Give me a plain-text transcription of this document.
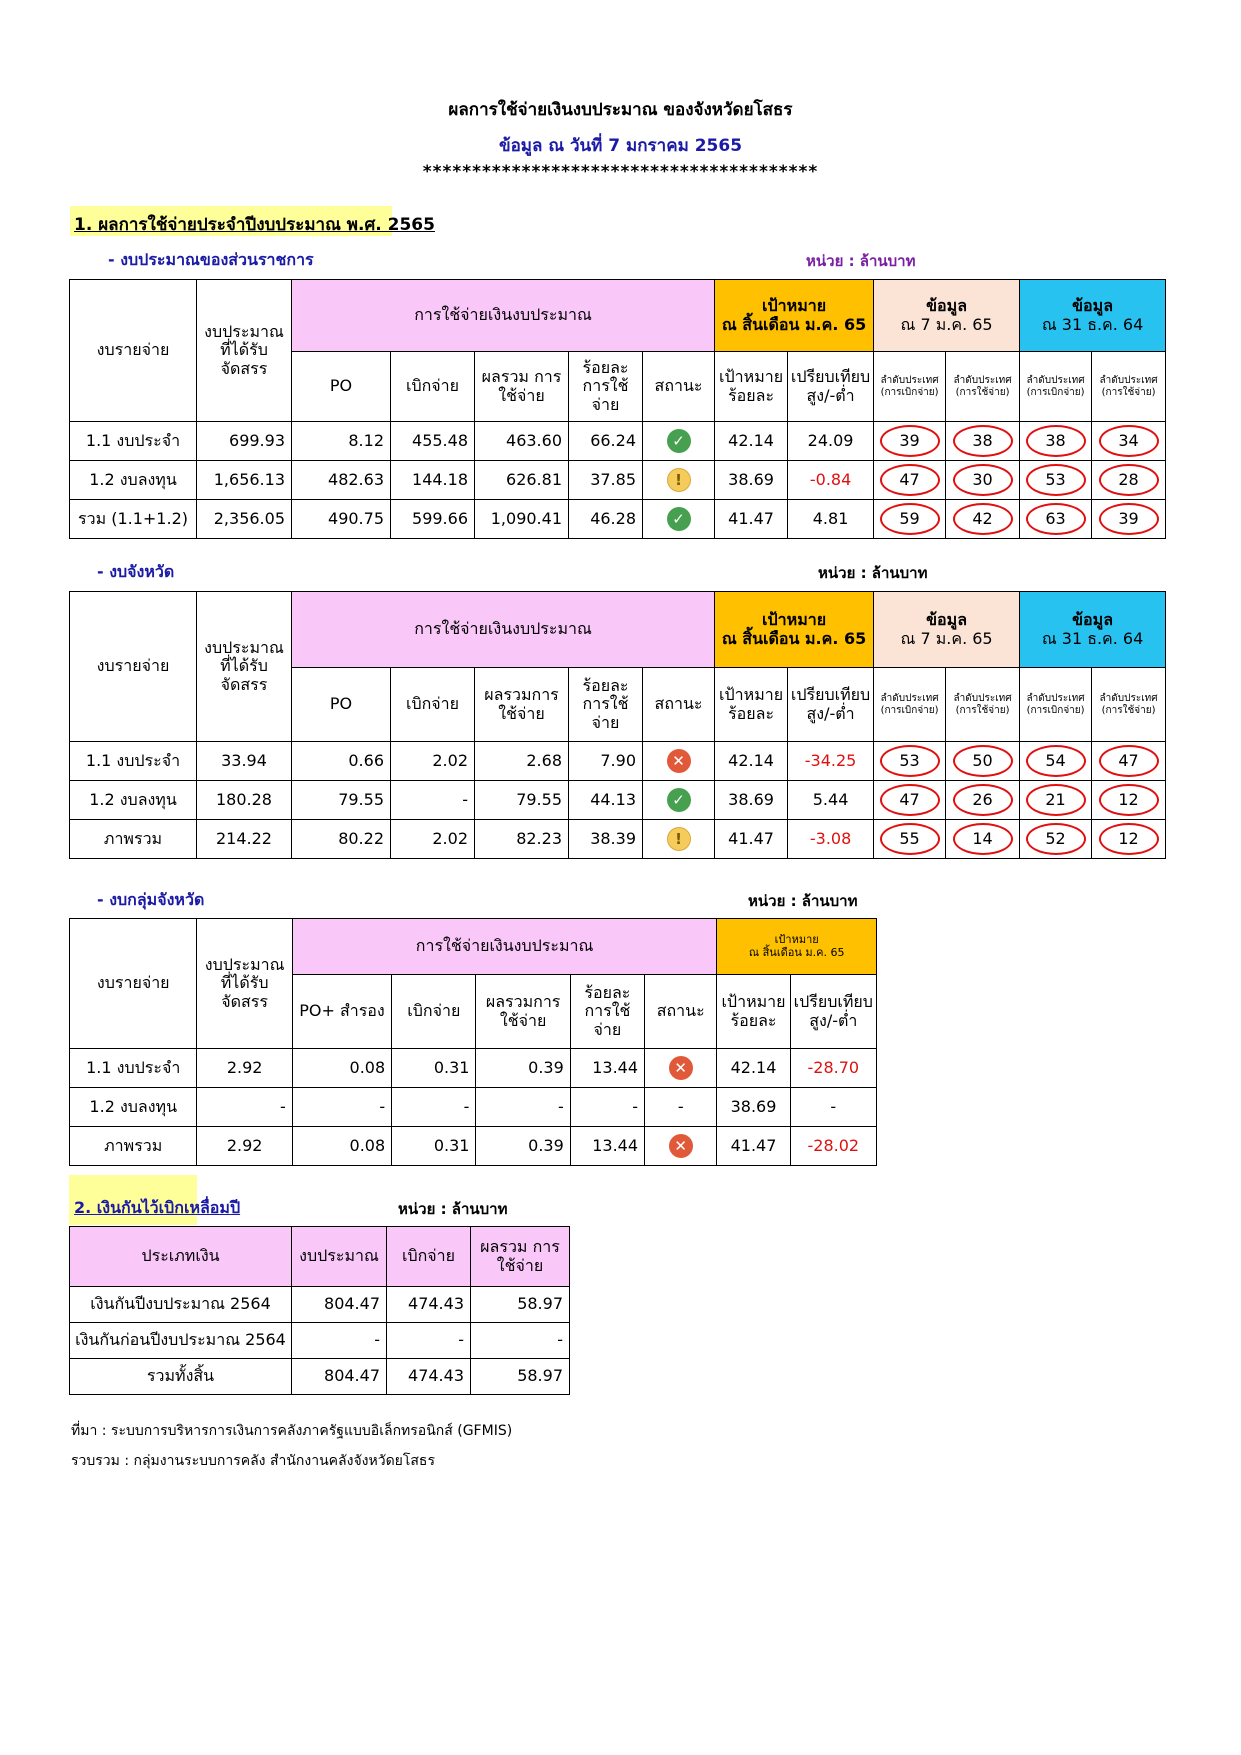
ผลการใช้จ่ายเงินงบประมาณ ของจังหวัดยโสธร
ข้อมูล ณ วันที่ 7 มกราคม 2565
****************************************
1. ผลการใช้จ่ายประจำปีงบประมาณ พ.ศ. 2565
- งบประมาณของส่วนราชการ	หน่วย : ล้านบาท
งบรายจ่าย	งบประมาณ ที่ได้รับ จัดสรร	การใช้จ่ายเงินงบประมาณ					เป้าหมาย
ณ สิ้นเดือน ม.ค. 65		ข้อมูล
ณ 7 ม.ค. 65		ข้อมูล
ณ 31 ธ.ค. 64	
		PO	เบิกจ่าย	ผลรวม การใช้จ่าย	ร้อยละ การใช้จ่าย	สถานะ	เป้าหมาย ร้อยละ	เปรียบเทียบ สูง/-ต่ำ	ลำดับประเทศ (การเบิกจ่าย)	ลำดับประเทศ (การใช้จ่าย)	ลำดับประเทศ (การเบิกจ่าย)	ลำดับประเทศ (การใช้จ่าย)
1.1 งบประจำ	699.93	8.12	455.48	463.60	66.24	✓	42.14	24.09	39	38	38	34
1.2 งบลงทุน	1,656.13	482.63	144.18	626.81	37.85	!	38.69	-0.84	47	30	53	28
รวม (1.1+1.2)	2,356.05	490.75	599.66	1,090.41	46.28	✓	41.47	4.81	59	42	63	39
- งบจังหวัด	หน่วย : ล้านบาท
งบรายจ่าย	งบประมาณ ที่ได้รับ จัดสรร	การใช้จ่ายเงินงบประมาณ					เป้าหมาย
ณ สิ้นเดือน ม.ค. 65		ข้อมูล
ณ 7 ม.ค. 65		ข้อมูล
ณ 31 ธ.ค. 64	
		PO	เบิกจ่าย	ผลรวมการ ใช้จ่าย	ร้อยละ การใช้จ่าย	สถานะ	เป้าหมาย ร้อยละ	เปรียบเทียบ สูง/-ต่ำ	ลำดับประเทศ (การเบิกจ่าย)	ลำดับประเทศ (การใช้จ่าย)	ลำดับประเทศ (การเบิกจ่าย)	ลำดับประเทศ (การใช้จ่าย)
1.1 งบประจำ	33.94	0.66	2.02	2.68	7.90	✕	42.14	-34.25	53	50	54	47
1.2 งบลงทุน	180.28	79.55	-	79.55	44.13	✓	38.69	5.44	47	26	21	12
ภาพรวม	214.22	80.22	2.02	82.23	38.39	!	41.47	-3.08	55	14	52	12
- งบกลุ่มจังหวัด	หน่วย : ล้านบาท
งบรายจ่าย	งบประมาณ ที่ได้รับ จัดสรร	การใช้จ่ายเงินงบประมาณ					เป้าหมาย
ณ สิ้นเดือน ม.ค. 65	
		PO+ สำรอง	เบิกจ่าย	ผลรวมการ ใช้จ่าย	ร้อยละ การใช้จ่าย	สถานะ	เป้าหมาย ร้อยละ	เปรียบเทียบ สูง/-ต่ำ
1.1 งบประจำ	2.92	0.08	0.31	0.39	13.44	✕	42.14	-28.70
1.2 งบลงทุน	-	-	-	-	-	-	38.69	-
ภาพรวม	2.92	0.08	0.31	0.39	13.44	✕	41.47	-28.02
2. เงินกันไว้เบิกเหลื่อมปี	หน่วย : ล้านบาท
ประเภทเงิน	งบประมาณ	เบิกจ่าย	ผลรวม การใช้จ่าย
เงินกันปีงบประมาณ 2564	804.47	474.43	58.97
เงินกันก่อนปีงบประมาณ 2564	-	-	-
รวมทั้งสิ้น	804.47	474.43	58.97
ที่มา : ระบบการบริหารการเงินการคลังภาครัฐแบบอิเล็กทรอนิกส์ (GFMIS)
รวบรวม : กลุ่มงานระบบการคลัง สำนักงานคลังจังหวัดยโสธร
